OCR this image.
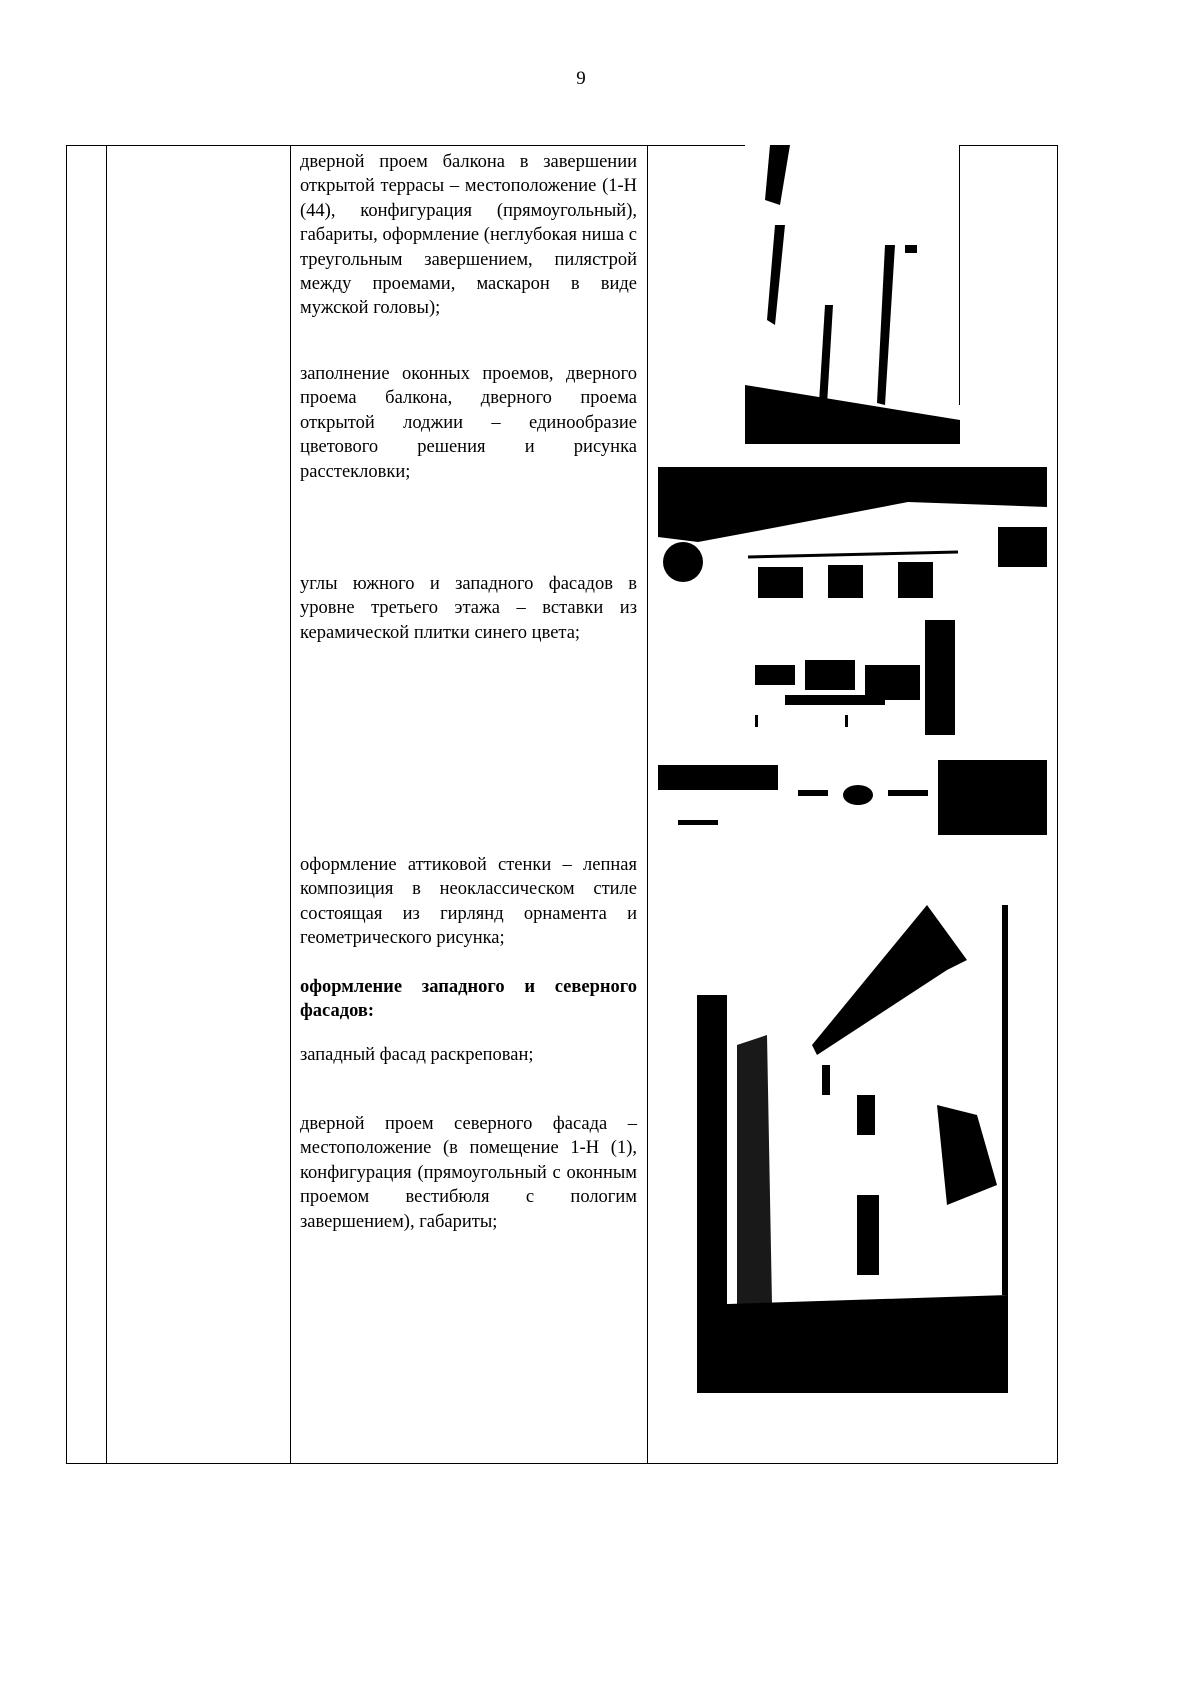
9

дверной проем балкона в завершении открытой террасы – местоположение (1-Н (44), конфигурация (прямоугольный), габариты, оформление (неглубокая ниша с треугольным завершением, пилястрой между проемами, маскарон в виде мужской головы);

заполнение оконных проемов, дверного проема балкона, дверного проема открытой лоджии – единообразие цветового решения и рисунка расстекловки;

углы южного и западного фасадов в уровне третьего этажа – вставки из керамической плитки синего цвета;

оформление аттиковой стенки – лепная композиция в неоклассическом стиле состоящая из гирлянд орнамента и геометрического рисунка;

оформление западного и северного фасадов:

западный фасад раскрепован;

дверной проем северного фасада – местоположение (в помещение 1-Н (1), конфигурация (прямоугольный с оконным проемом вестибюля с пологим завершением), габариты;
